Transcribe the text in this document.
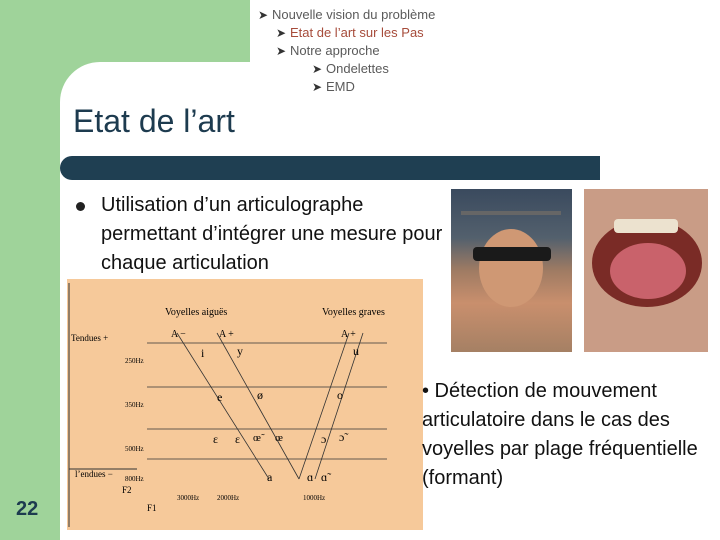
➤ Nouvelle vision du problème
➤ Etat de l’art sur les Pas
➤ Notre approche
➤ Ondelettes
➤ EMD
Etat de l’art
Utilisation d’un articulographe permettant d’intégrer une mesure pour chaque articulation
Voyelles aiguës	Voyelles graves
Tendues +
l’endues −
250Hz
350Hz
500Hz
800Hz
F2
F1
3000Hz	2000Hz	1000Hz
A −	A +	A +
i	y	u
e	ø	o
ɛ ɛ œ̃	œ	ɔ ɔ̃
a	ɑ ɑ̃
• Détection de mouvement articulatoire dans le cas des voyelles par plage fréquentielle (formant)
22
